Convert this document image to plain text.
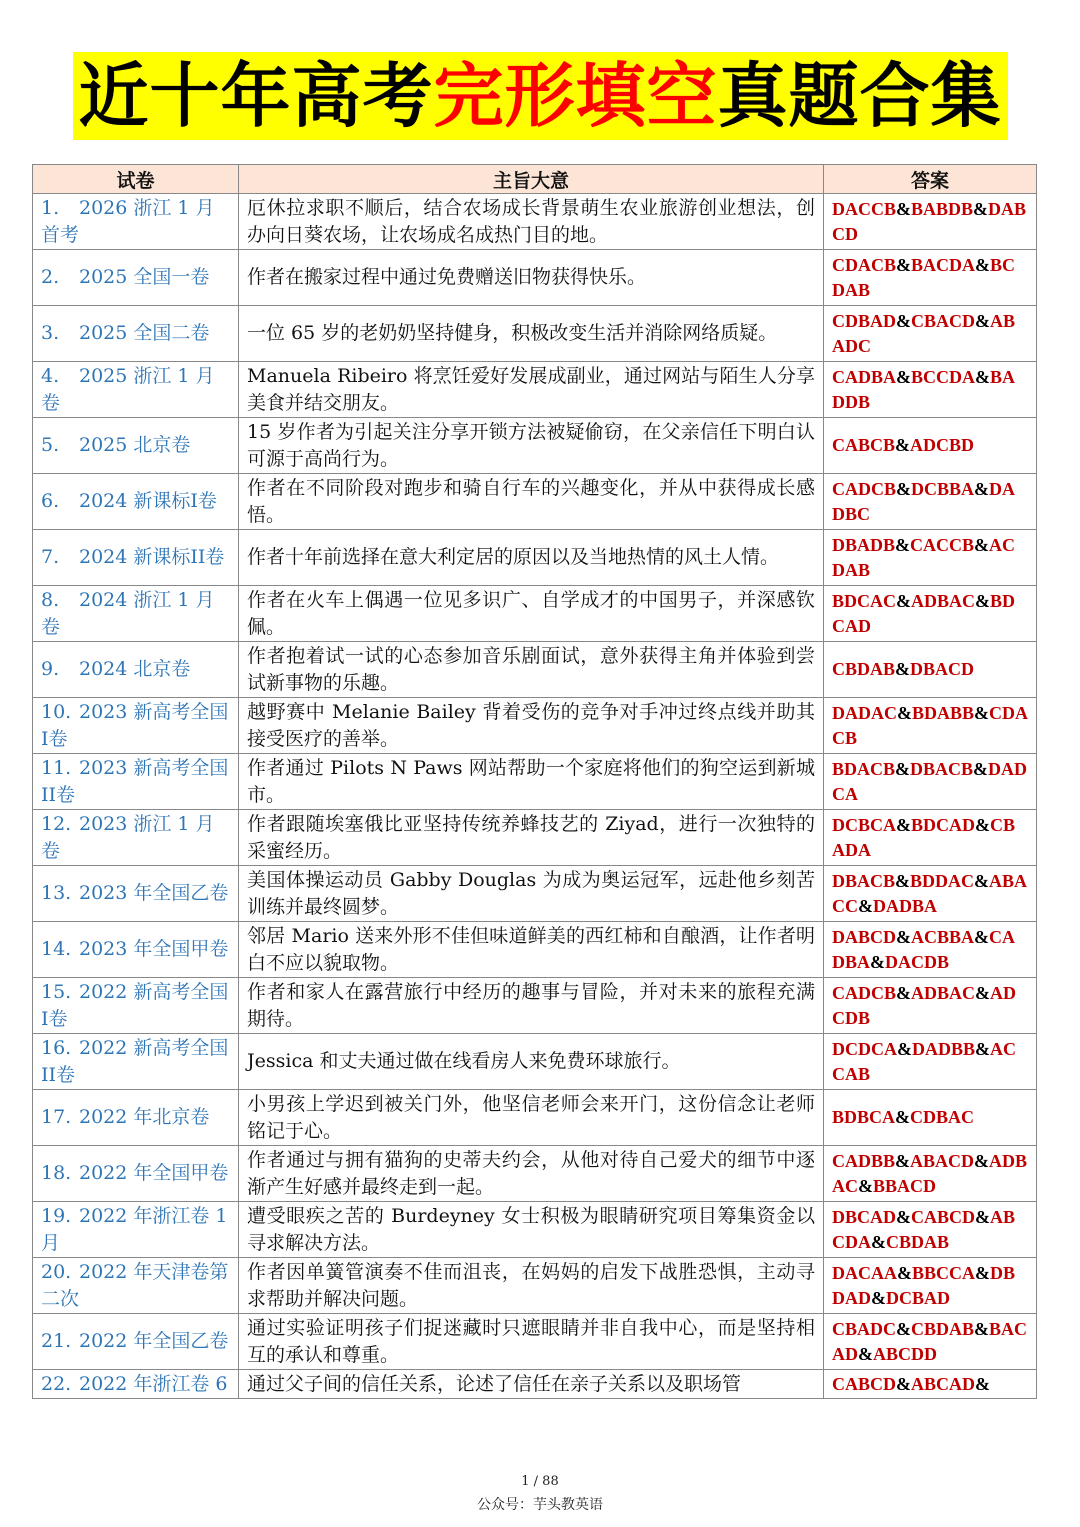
近十年高考完形填空真题合集
试卷	主旨大意	答案
1. 2026 浙江 1 月首考	厄休拉求职不顺后，结合农场成长背景萌生农业旅游创业想法，创办向日葵农场，让农场成名成热门目的地。	DACCB&BABDB&DABCD
2. 2025 全国一卷	作者在搬家过程中通过免费赠送旧物获得快乐。	CDACB&BACDA&BCDAB
3. 2025 全国二卷	一位 65 岁的老奶奶坚持健身，积极改变生活并消除网络质疑。	CDBAD&CBACD&ABADC
4. 2025 浙江 1 月卷	Manuela Ribeiro 将烹饪爱好发展成副业，通过网站与陌生人分享美食并结交朋友。	CADBA&BCCDA&BADDB
5. 2025 北京卷	15 岁作者为引起关注分享开锁方法被疑偷窃，在父亲信任下明白认可源于高尚行为。	CABCB&ADCBD
6. 2024 新课标I卷	作者在不同阶段对跑步和骑自行车的兴趣变化，并从中获得成长感悟。	CADCB&DCBBA&DADBC
7. 2024 新课标II卷	作者十年前选择在意大利定居的原因以及当地热情的风土人情。	DBADB&CACCB&ACDAB
8. 2024 浙江 1 月卷	作者在火车上偶遇一位见多识广、自学成才的中国男子，并深感钦佩。	BDCAC&ADBAC&BDCAD
9. 2024 北京卷	作者抱着试一试的心态参加音乐剧面试，意外获得主角并体验到尝试新事物的乐趣。	CBDAB&DBACD
10. 2023 新高考全国I卷	越野赛中 Melanie Bailey 背着受伤的竞争对手冲过终点线并助其接受医疗的善举。	DADAC&BDABB&CDACB
11. 2023 新高考全国II卷	作者通过 Pilots N Paws 网站帮助一个家庭将他们的狗空运到新城市。	BDACB&DBACB&DADCA
12. 2023 浙江 1 月卷	作者跟随埃塞俄比亚坚持传统养蜂技艺的 Ziyad，进行一次独特的采蜜经历。	DCBCA&BDCAD&CBADA
13. 2023 年全国乙卷	美国体操运动员 Gabby Douglas 为成为奥运冠军，远赴他乡刻苦训练并最终圆梦。	DBACB&BDDAC&ABACC&DADBA
14. 2023 年全国甲卷	邻居 Mario 送来外形不佳但味道鲜美的西红柿和自酿酒，让作者明白不应以貌取物。	DABCD&ACBBA&CADBA&DACDB
15. 2022 新高考全国I卷	作者和家人在露营旅行中经历的趣事与冒险，并对未来的旅程充满期待。	CADCB&ADBAC&ADCDB
16. 2022 新高考全国II卷	Jessica 和丈夫通过做在线看房人来免费环球旅行。	DCDCA&DADBB&ACCAB
17. 2022 年北京卷	小男孩上学迟到被关门外，他坚信老师会来开门，这份信念让老师铭记于心。	BDBCA&CDBAC
18. 2022 年全国甲卷	作者通过与拥有猫狗的史蒂夫约会，从他对待自己爱犬的细节中逐渐产生好感并最终走到一起。	CADBB&ABACD&ADBAC&BBACD
19. 2022 年浙江卷 1 月	遭受眼疾之苦的 Burdeyney 女士积极为眼睛研究项目筹集资金以寻求解决方法。	DBCAD&CABCD&ABCDA&CBDAB
20. 2022 年天津卷第二次	作者因单簧管演奏不佳而沮丧，在妈妈的启发下战胜恐惧，主动寻求帮助并解决问题。	DACAA&BBCCA&DBDAD&DCBAD
21. 2022 年全国乙卷	通过实验证明孩子们捉迷藏时只遮眼睛并非自我中心，而是坚持相互的承认和尊重。	CBADC&CBDAB&BACAD&ABCDD
22. 2022 年浙江卷 6	通过父子间的信任关系，论述了信任在亲子关系以及职场管	CABCD&ABCAD&
1 / 88
公众号：芋头教英语
